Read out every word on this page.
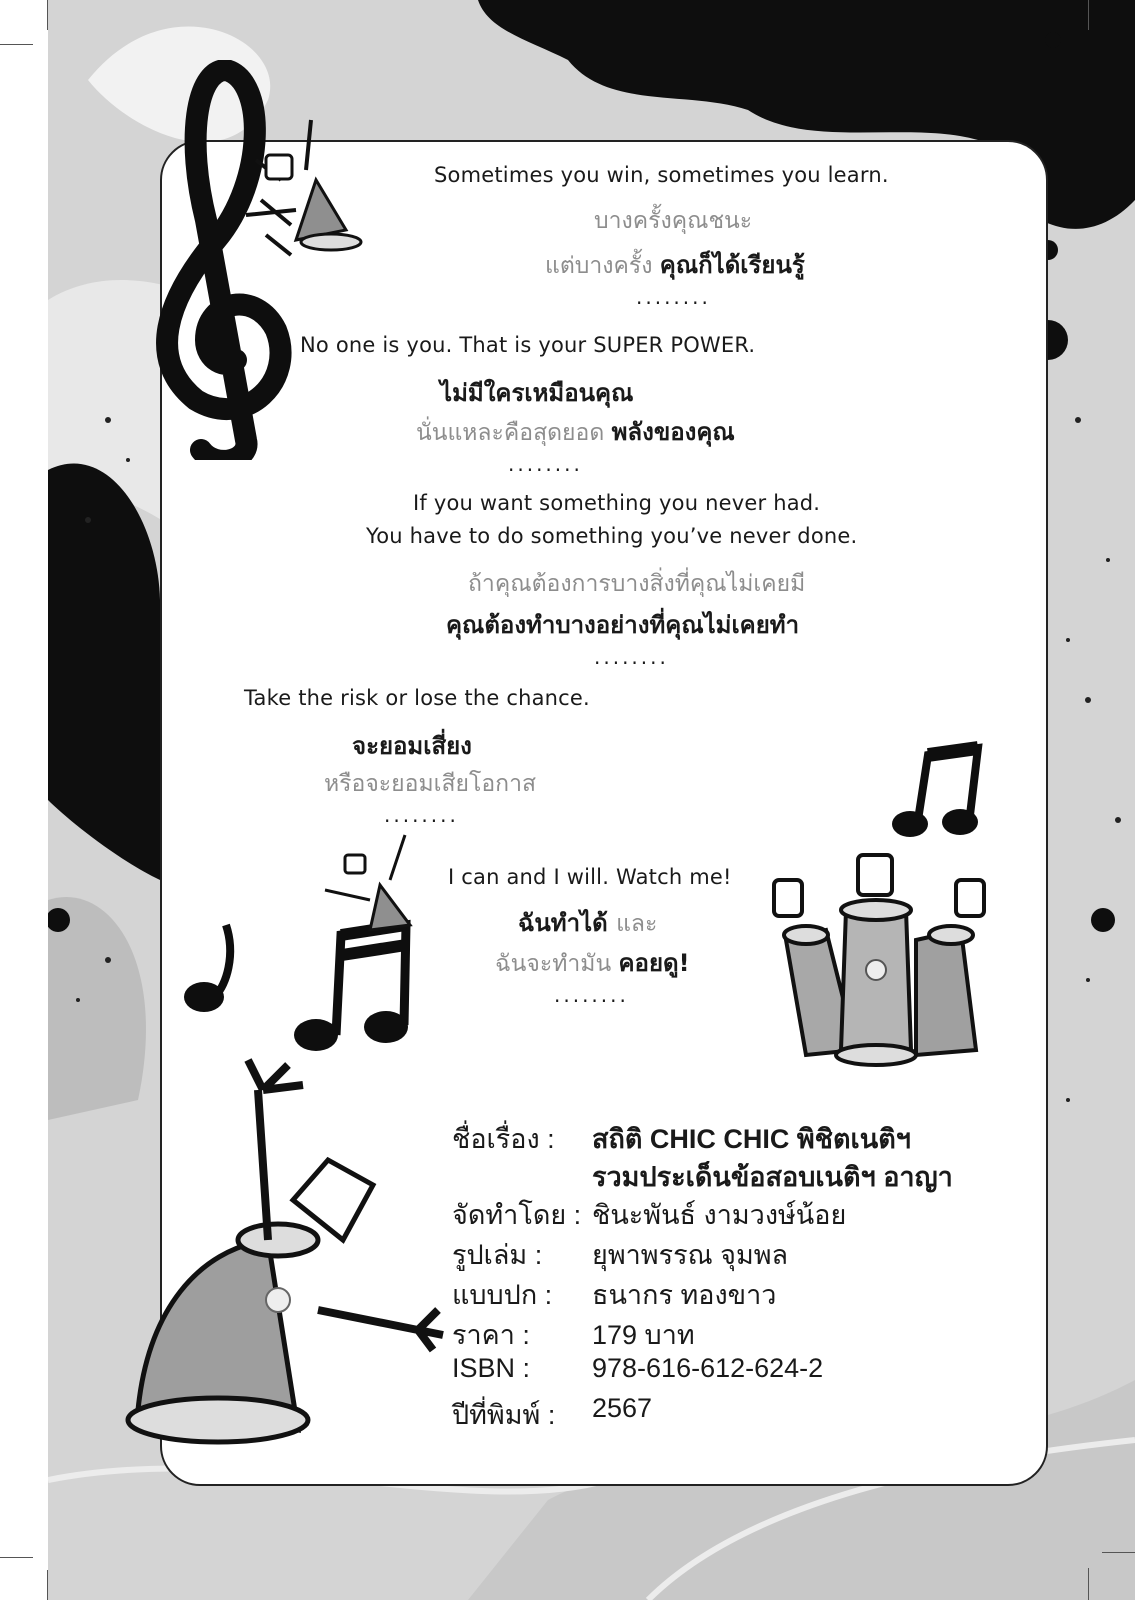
Sometimes you win, sometimes you learn.
บางครั้งคุณชนะ
แต่บางครั้ง คุณก็ได้เรียนรู้
........
No one is you. That is your SUPER POWER.
ไม่มีใครเหมือนคุณ
นั่นแหละคือสุดยอด พลังของคุณ
........
If you want something you never had.
You have to do something you’ve never done.
ถ้าคุณต้องการบางสิ่งที่คุณไม่เคยมี
คุณต้องทำบางอย่างที่คุณไม่เคยทำ
........
Take the risk or lose the chance.
จะยอมเสี่ยง
หรือจะยอมเสียโอกาส
........
I can and I will. Watch me!
ฉันทำได้ และ
ฉันจะทำมัน คอยดู!
........
ชื่อเรื่อง : สถิติ CHIC CHIC พิชิตเนติฯ
รวมประเด็นข้อสอบเนติฯ อาญา
จัดทำโดย : ชินะพันธ์ งามวงษ์น้อย
รูปเล่ม : ยุพาพรรณ จุมพล
แบบปก : ธนากร ทองขาว
ราคา : 179 บาท
ISBN : 978-616-612-624-2
ปีที่พิมพ์ : 2567
